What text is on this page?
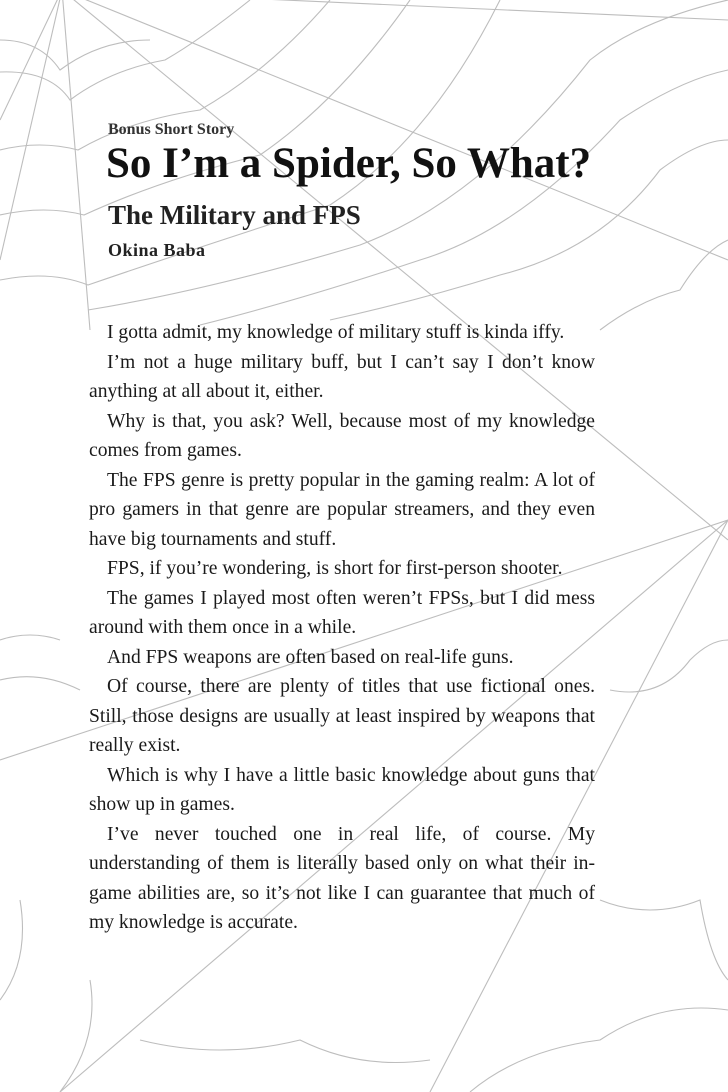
Bonus Short Story
So I’m a Spider, So What?
The Military and FPS
Okina Baba

I gotta admit, my knowledge of military stuff is kinda iffy.

I’m not a huge military buff, but I can’t say I don’t know anything at all about it, either.

Why is that, you ask? Well, because most of my knowledge comes from games.

The FPS genre is pretty popular in the gaming realm: A lot of pro gamers in that genre are popular streamers, and they even have big tournaments and stuff.

FPS, if you’re wondering, is short for first-person shooter.

The games I played most often weren’t FPSs, but I did mess around with them once in a while.

And FPS weapons are often based on real-life guns.

Of course, there are plenty of titles that use fictional ones. Still, those designs are usually at least inspired by weapons that really exist.

Which is why I have a little basic knowledge about guns that show up in games.

I’ve never touched one in real life, of course. My understanding of them is literally based only on what their in-game abilities are, so it’s not like I can guarantee that much of my knowledge is accurate.
